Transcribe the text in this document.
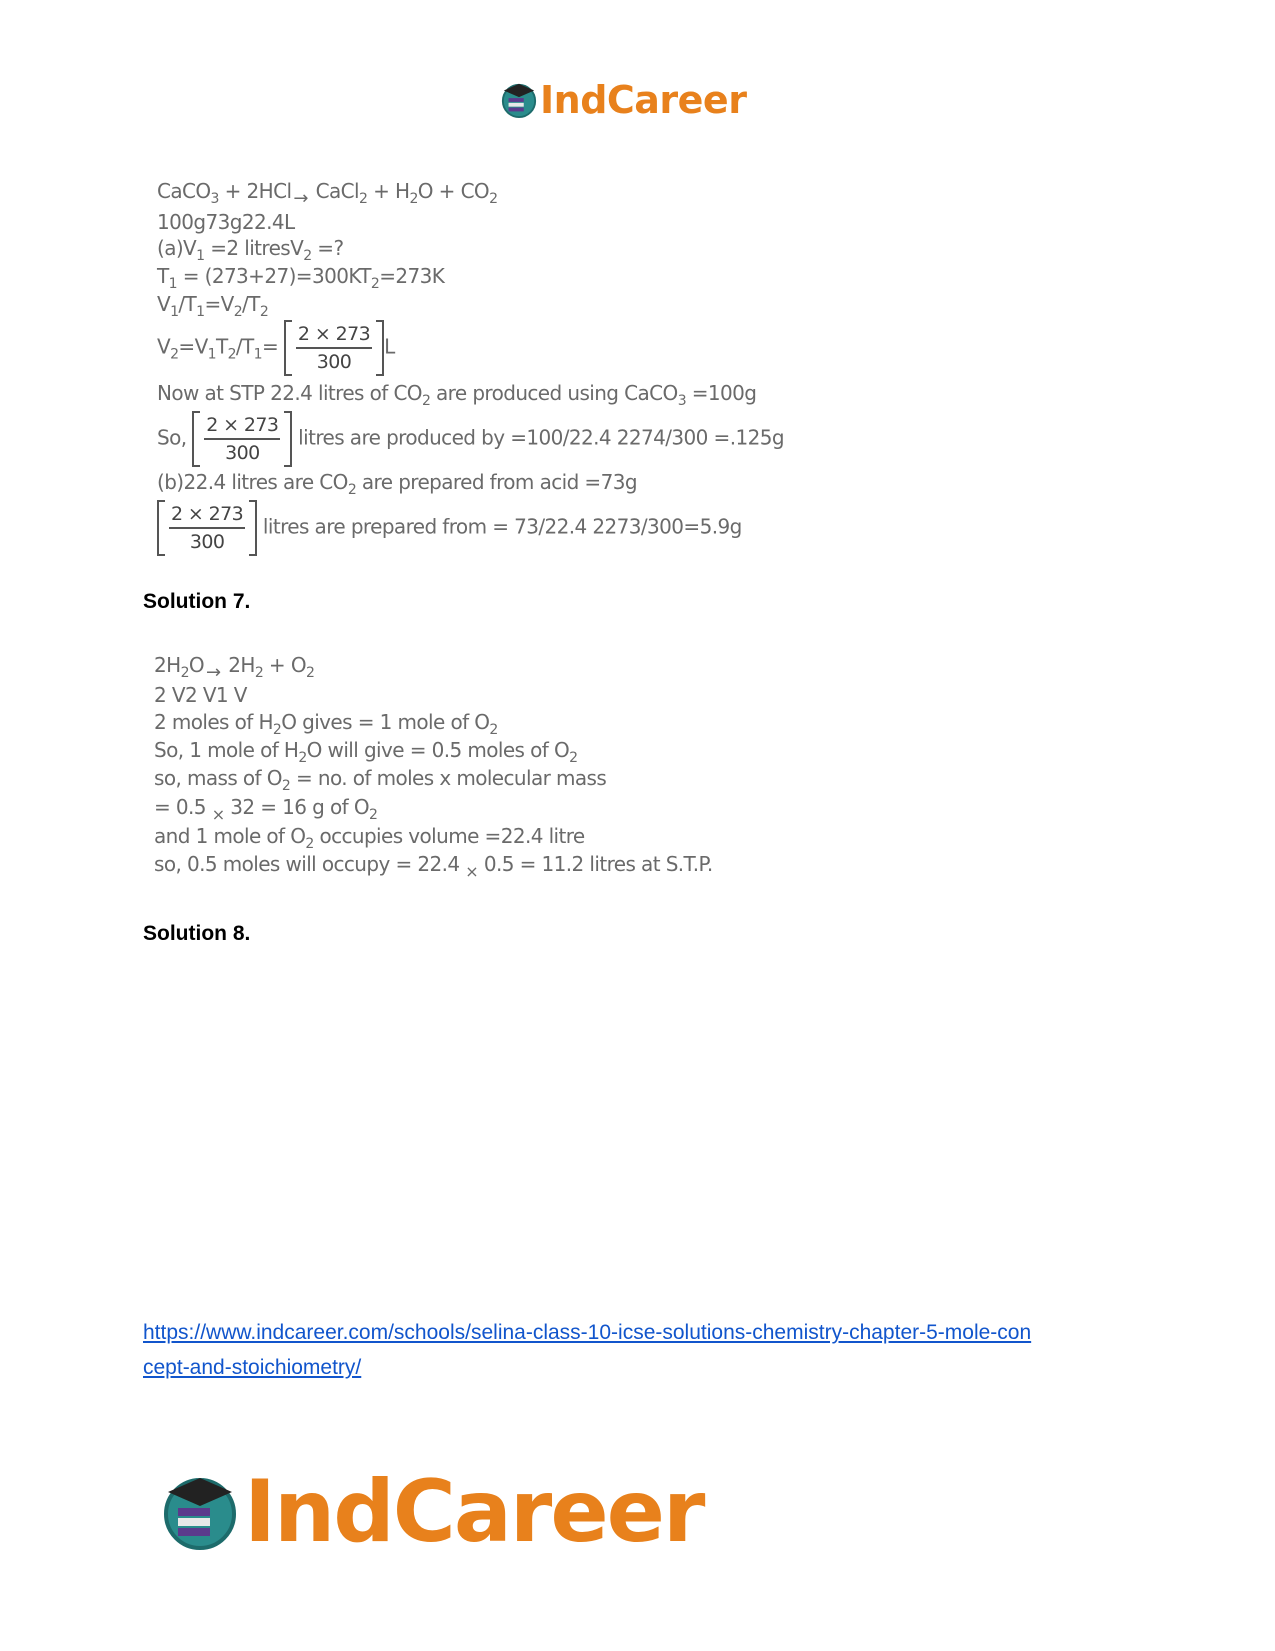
IndCareer
CaCO$_3$ + 2HCl → CaCl$_2$ + $H_2O + CO_2$
100g73g22.4L
$(a)V_1 =2$ litresV$_2$ =?
$T_1 = (273+27)=300KT_2=273K$
$V_1/T_1=V_2/T_2$
$V_2=V_1T_2/T_1= \frac{2 \times 273}{300}$ L
Now at STP 22.4 litres of $CO_2$ are produced using CaCO$_3$ =100g
So, $\frac{2 \times 273}{300}$ litres are produced by =100/22.4 2274/300 =.125g
(b)22.4 litres are $CO_2$ are prepared from acid =73g
$\frac{2 \times 273}{300}$ litres are prepared from = 73/22.4 2273/300=5.9g
Solution 7.
$2H_2O \to 2H_2 + O_2$
2 V2 V1 V
2 moles of $H_2O$ gives = 1 mole of $O_2$
So, 1 mole of $H_2O$ will give = 0.5 moles of $O_2$
so, mass of $O_2$ = no. of moles x molecular mass
= 0.5 $_\times$ 32 = 16 g of $O_2$
and 1 mole of $O_2$ occupies volume =22.4 litre
so, 0.5 moles will occupy = 22.4 $_\times$ 0.5 = 11.2 litres at S.T.P.
Solution 8.
https://www.indcareer.com/schools/selina-class-10-icse-solutions-chemistry-chapter-5-mole-con
cept-and-stoichiometry/
IndCareer
